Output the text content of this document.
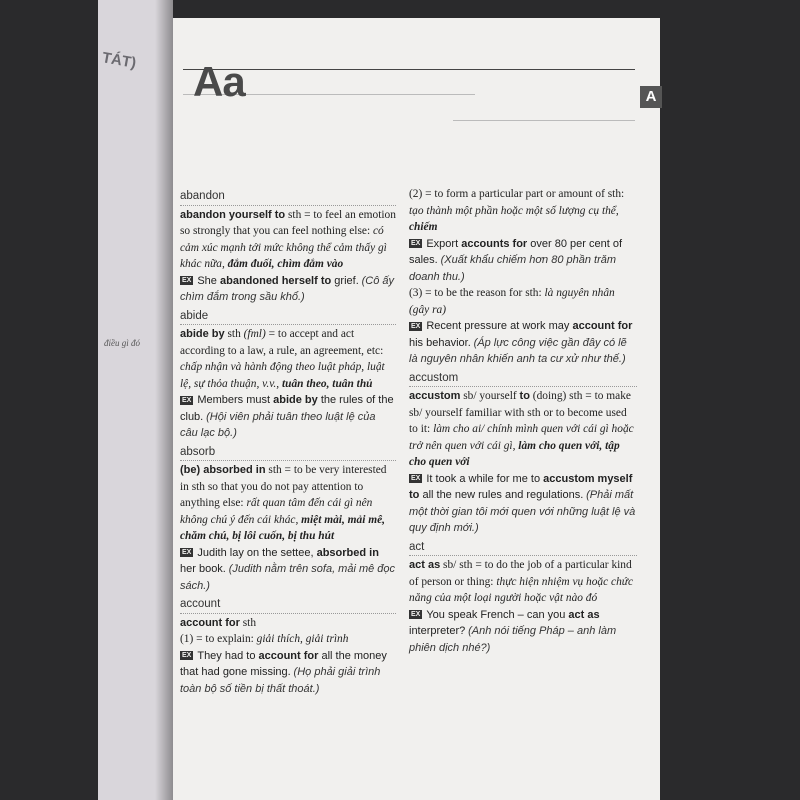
TÁT)
điều gì đó
Aa	A
abandon

abandon yourself to sth = to feel an emotion so strongly that you can feel nothing else: có cảm xúc mạnh tới mức không thể cảm thấy gì khác nữa, đắm đuối, chìm đắm vào

EX She abandoned herself to grief. (Cô ấy chìm đắm trong sầu khổ.)

abide

abide by sth (fml) = to accept and act according to a law, a rule, an agreement, etc: chấp nhận và hành động theo luật pháp, luật lệ, sự thỏa thuận, v.v., tuân theo, tuân thủ

EX Members must abide by the rules of the club. (Hội viên phải tuân theo luật lệ của câu lạc bộ.)

absorb

(be) absorbed in sth = to be very interested in sth so that you do not pay attention to anything else: rất quan tâm đến cái gì nên không chú ý đến cái khác, miệt mài, mải mê, chăm chú, bị lôi cuốn, bị thu hút

EX Judith lay on the settee, absorbed in her book. (Judith nằm trên sofa, mải mê đọc sách.)

account

account for sth

(1) = to explain: giải thích, giải trình

EX They had to account for all the money that had gone missing. (Họ phải giải trình toàn bộ số tiền bị thất thoát.)

(2) = to form a particular part or amount of sth: tạo thành một phần hoặc một số lượng cụ thể, chiếm

EX Export accounts for over 80 per cent of sales. (Xuất khẩu chiếm hơn 80 phần trăm doanh thu.)

(3) = to be the reason for sth: là nguyên nhân (gây ra)

EX Recent pressure at work may account for his behavior. (Áp lực công việc gần đây có lẽ là nguyên nhân khiến anh ta cư xử như thế.)

accustom

accustom sb/ yourself to (doing) sth = to make sb/ yourself familiar with sth or to become used to it: làm cho ai/ chính mình quen với cái gì hoặc trở nên quen với cái gì, làm cho quen với, tập cho quen với

EX It took a while for me to accustom myself to all the new rules and regulations. (Phải mất một thời gian tôi mới quen với những luật lệ và quy định mới.)

act

act as sb/ sth = to do the job of a particular kind of person or thing: thực hiện nhiệm vụ hoặc chức năng của một loại người hoặc vật nào đó

EX You speak French – can you act as interpreter? (Anh nói tiếng Pháp – anh làm phiên dịch nhé?)
